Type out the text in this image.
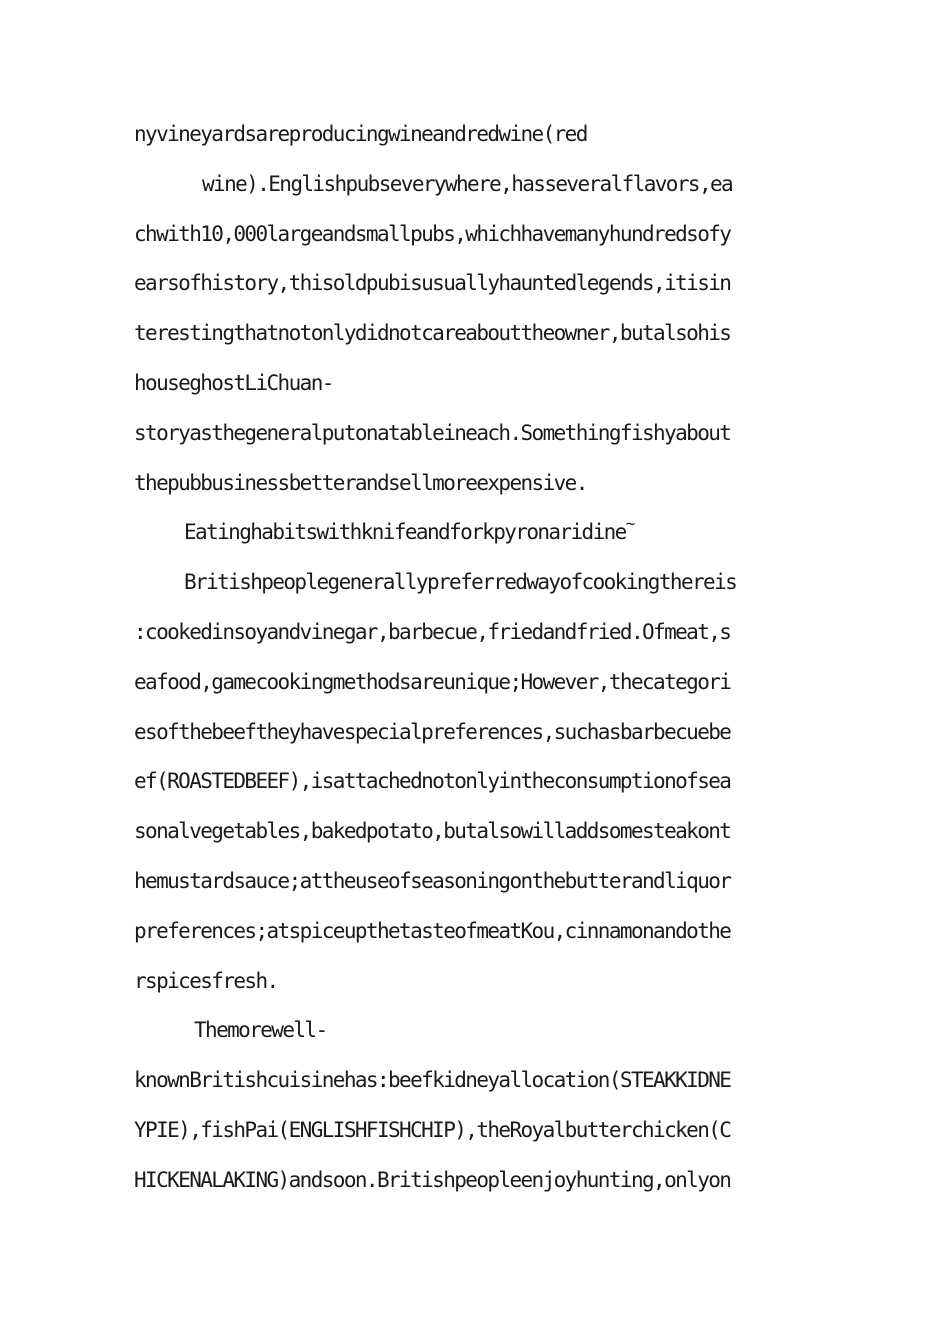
nyvineyardsareproducingwineandredwine(red
wine).Englishpubseverywhere,hasseveralflavors,ea
chwith10,000largeandsmallpubs,whichhavemanyhundredsofy
earsofhistory,thisoldpubisusuallyhauntedlegends,itisin
terestingthatnotonlydidnotcareabouttheowner,butalsohis
houseghostLiChuan-
storyasthegeneralputonatableineach.Somethingfishyabout
thepubbusinessbetterandsellmoreexpensive.
Eatinghabitswithknifeandforkpyronaridine~
Britishpeoplegenerallypreferredwayofcookingthereis
:cookedinsoyandvinegar,barbecue,friedandfried.Ofmeat,s
eafood,gamecookingmethodsareunique;However,thecategori
esofthebeeftheyhavespecialpreferences,suchasbarbecuebe
ef(ROASTEDBEEF),isattachednotonlyintheconsumptionofsea
sonalvegetables,bakedpotato,butalsowilladdsomesteakont
hemustardsauce;attheuseofseasoningonthebutterandliquor
preferences;atspiceupthetasteofmeatKou,cinnamonandothe
rspicesfresh.
Themorewell-
knownBritishcuisinehas:beefkidneyallocation(STEAKKIDNE
YPIE),fishPai(ENGLISHFISHCHIP),theRoyalbutterchicken(C
HICKENALAKING)andsoon.Britishpeopleenjoyhunting,onlyon
